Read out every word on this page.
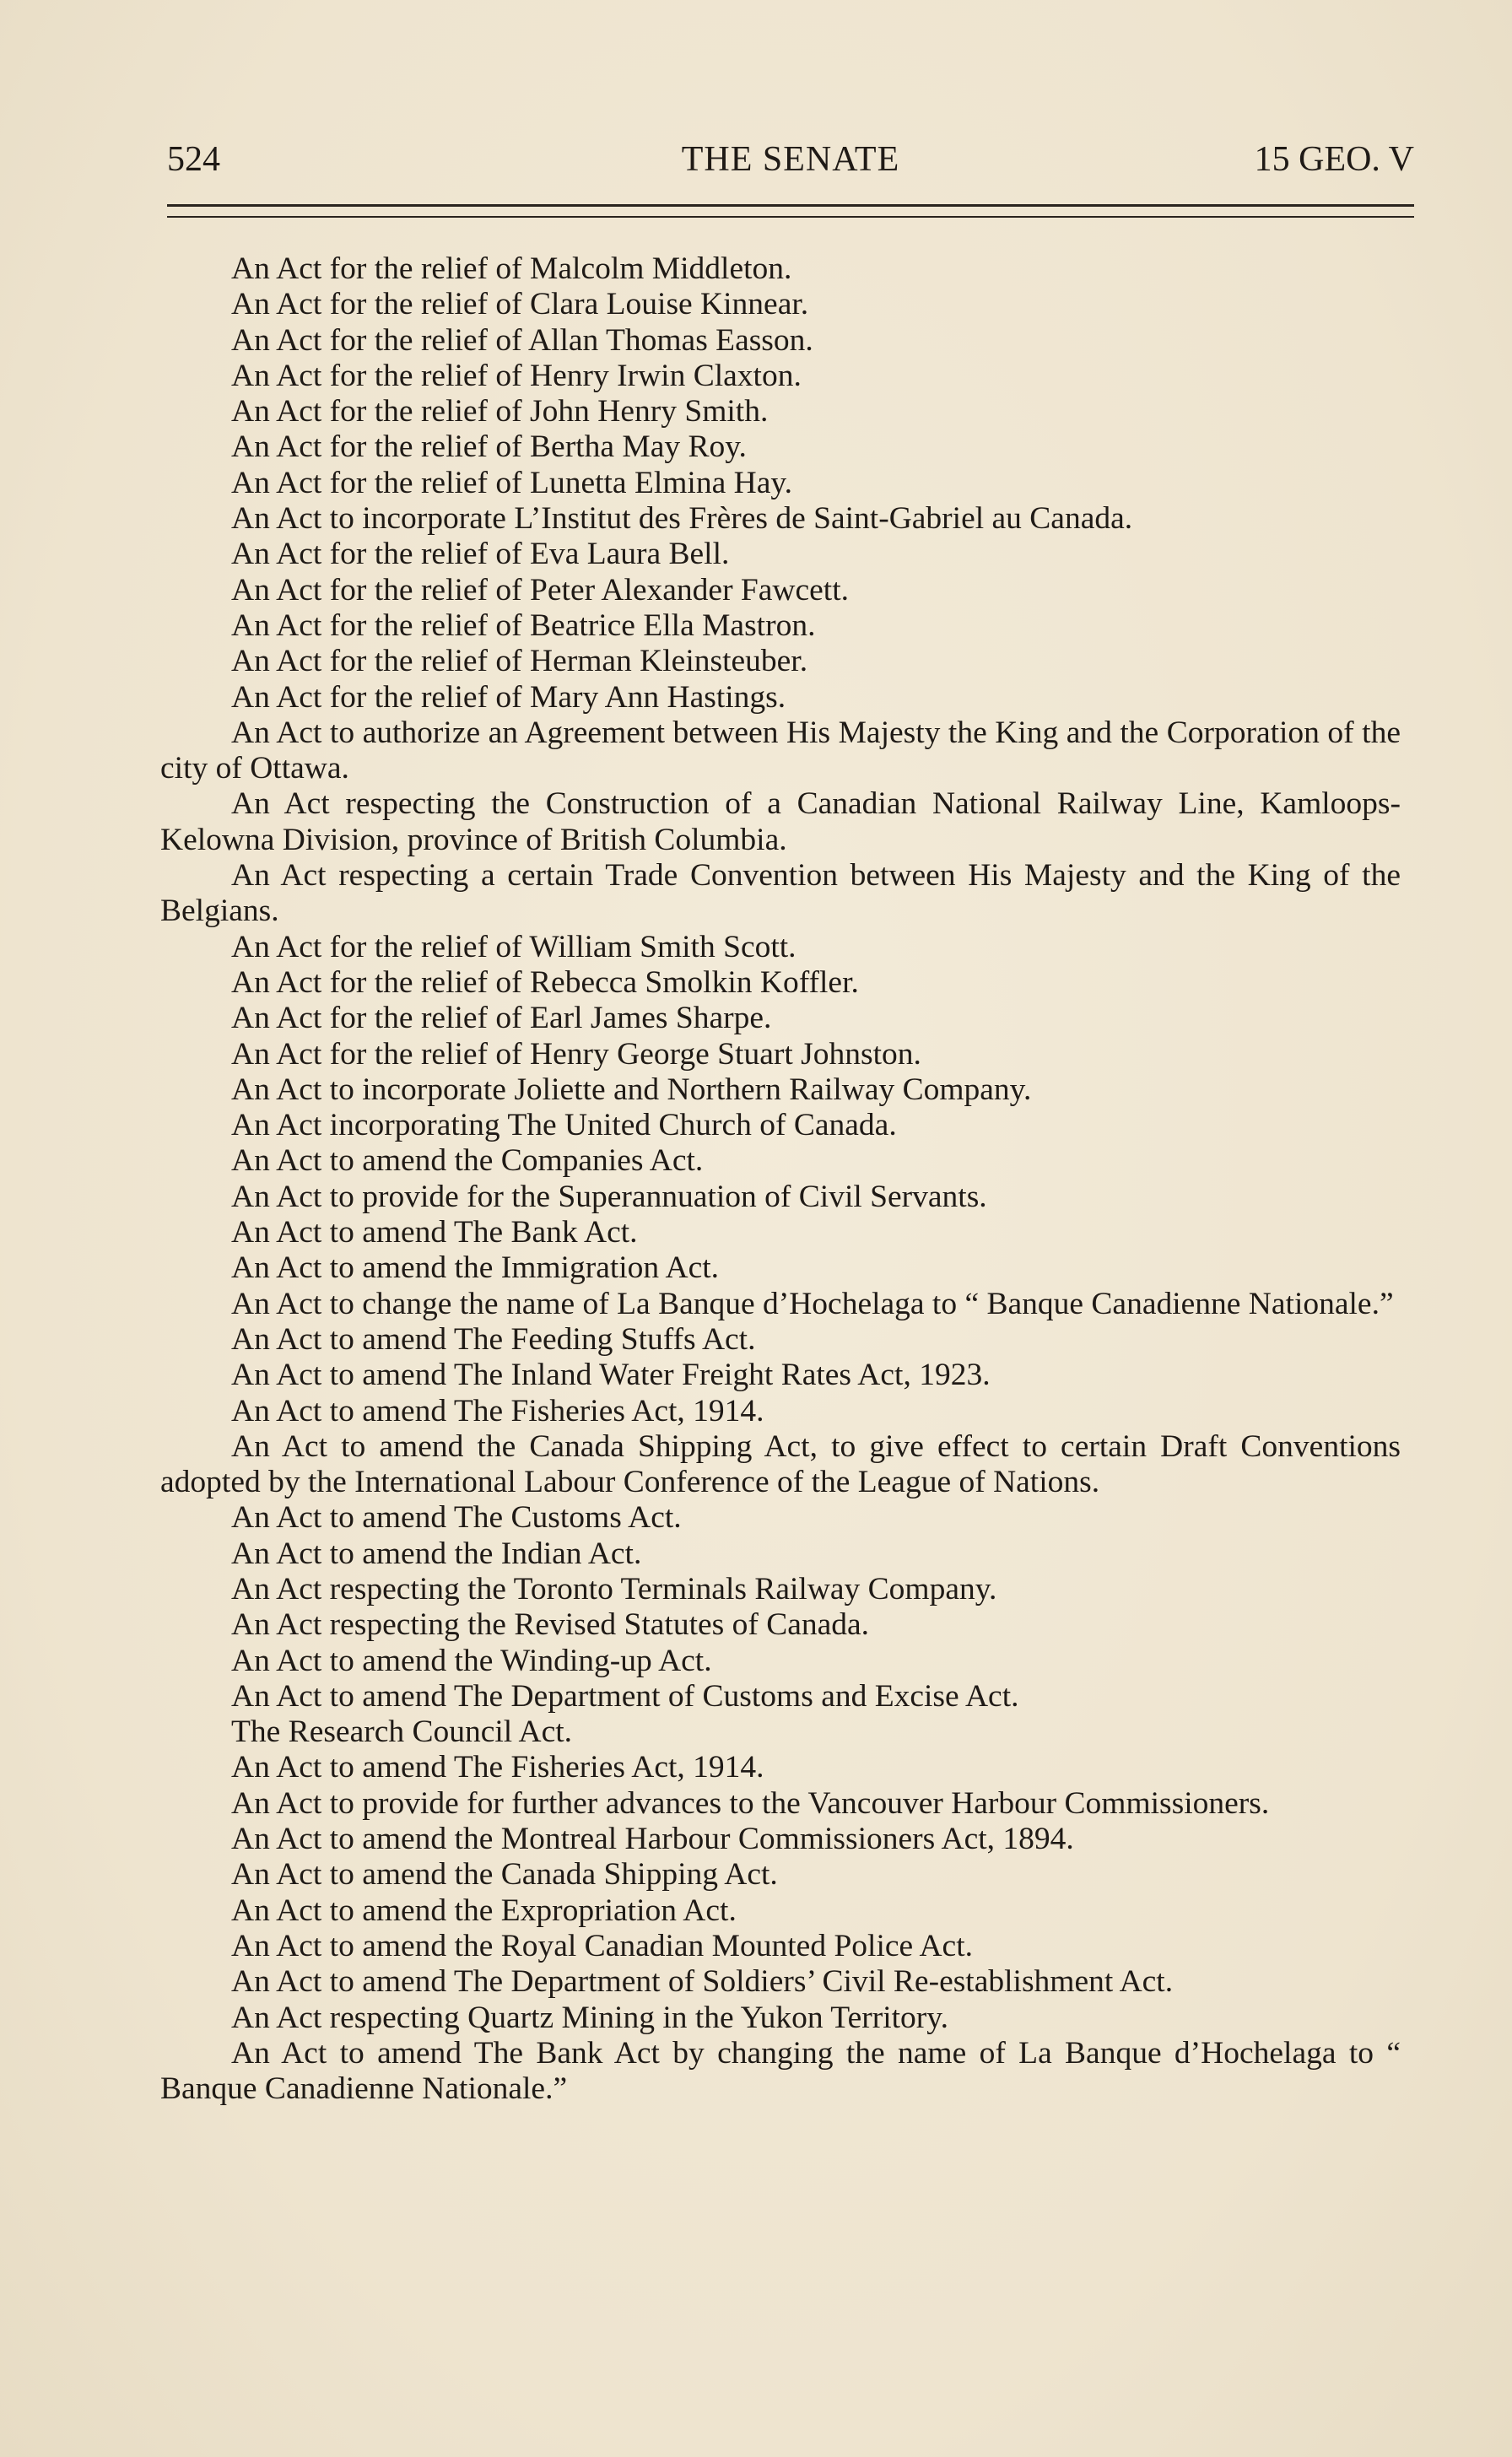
524	THE SENATE	15 GEO. V

An Act for the relief of Malcolm Middleton.

An Act for the relief of Clara Louise Kinnear.

An Act for the relief of Allan Thomas Easson.

An Act for the relief of Henry Irwin Claxton.

An Act for the relief of John Henry Smith.

An Act for the relief of Bertha May Roy.

An Act for the relief of Lunetta Elmina Hay.

An Act to incorporate L’Institut des Frères de Saint-Gabriel au Canada.

An Act for the relief of Eva Laura Bell.

An Act for the relief of Peter Alexander Fawcett.

An Act for the relief of Beatrice Ella Mastron.

An Act for the relief of Herman Kleinsteuber.

An Act for the relief of Mary Ann Hastings.

An Act to authorize an Agreement between His Majesty the King and the Corporation of the city of Ottawa.

An Act respecting the Construction of a Canadian National Railway Line, Kamloops-Kelowna Division, province of British Columbia.

An Act respecting a certain Trade Convention between His Majesty and the King of the Belgians.

An Act for the relief of William Smith Scott.

An Act for the relief of Rebecca Smolkin Koffler.

An Act for the relief of Earl James Sharpe.

An Act for the relief of Henry George Stuart Johnston.

An Act to incorporate Joliette and Northern Railway Company.

An Act incorporating The United Church of Canada.

An Act to amend the Companies Act.

An Act to provide for the Superannuation of Civil Servants.

An Act to amend The Bank Act.

An Act to amend the Immigration Act.

An Act to change the name of La Banque d’Hochelaga to “ Banque Canadienne Nationale.”

An Act to amend The Feeding Stuffs Act.

An Act to amend The Inland Water Freight Rates Act, 1923.

An Act to amend The Fisheries Act, 1914.

An Act to amend the Canada Shipping Act, to give effect to certain Draft Conventions adopted by the International Labour Conference of the League of Nations.

An Act to amend The Customs Act.

An Act to amend the Indian Act.

An Act respecting the Toronto Terminals Railway Company.

An Act respecting the Revised Statutes of Canada.

An Act to amend the Winding-up Act.

An Act to amend The Department of Customs and Excise Act.

The Research Council Act.

An Act to amend The Fisheries Act, 1914.

An Act to provide for further advances to the Vancouver Harbour Commissioners.

An Act to amend the Montreal Harbour Commissioners Act, 1894.

An Act to amend the Canada Shipping Act.

An Act to amend the Expropriation Act.

An Act to amend the Royal Canadian Mounted Police Act.

An Act to amend The Department of Soldiers’ Civil Re-establishment Act.

An Act respecting Quartz Mining in the Yukon Territory.

An Act to amend The Bank Act by changing the name of La Banque d’Hochelaga to “ Banque Canadienne Nationale.”
